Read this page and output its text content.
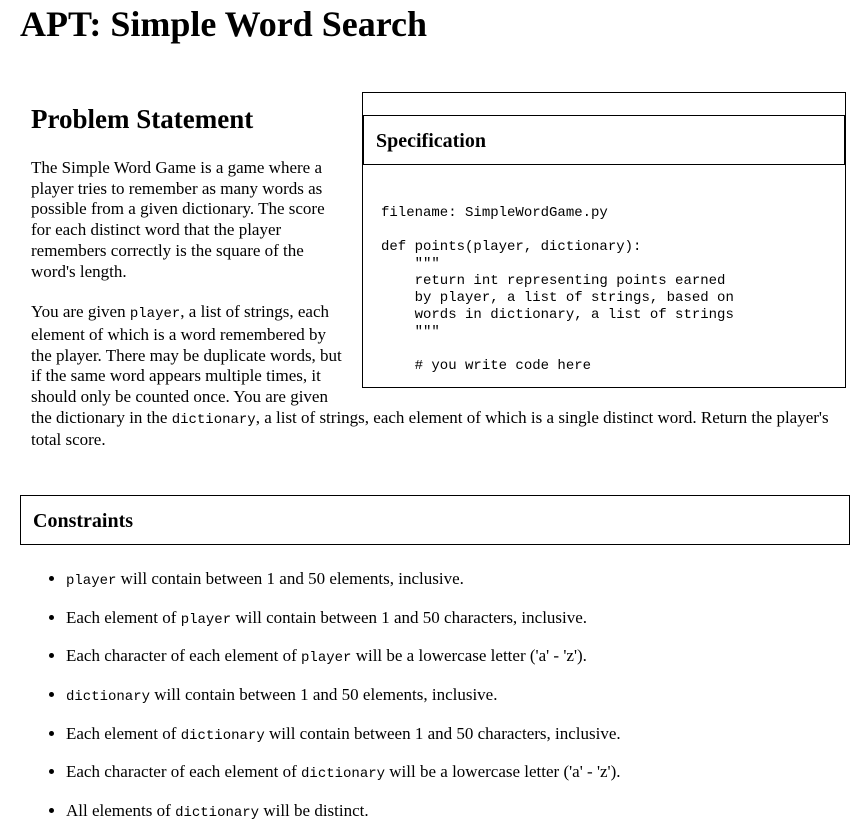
APT: Simple Word Search
Specification
filename: SimpleWordGame.py

def points(player, dictionary):
"""
return int representing points earned
by player, a list of strings, based on
words in dictionary, a list of strings
"""

# you write code here
Problem Statement

The Simple Word Game is a game where a player tries to remember as many words as possible from a given dictionary. The score for each distinct word that the player remembers correctly is the square of the word's length.

You are given player, a list of strings, each element of which is a word remembered by the player. There may be duplicate words, but if the same word appears multiple times, it should only be counted once. You are given the dictionary in the dictionary, a list of strings, each element of which is a single distinct word. Return the player's total score.

Constraints
• player will contain between 1 and 50 elements, inclusive.
• Each element of player will contain between 1 and 50 characters, inclusive.
• Each character of each element of player will be a lowercase letter ('a' - 'z').
• dictionary will contain between 1 and 50 elements, inclusive.
• Each element of dictionary will contain between 1 and 50 characters, inclusive.
• Each character of each element of dictionary will be a lowercase letter ('a' - 'z').
• All elements of dictionary will be distinct.
